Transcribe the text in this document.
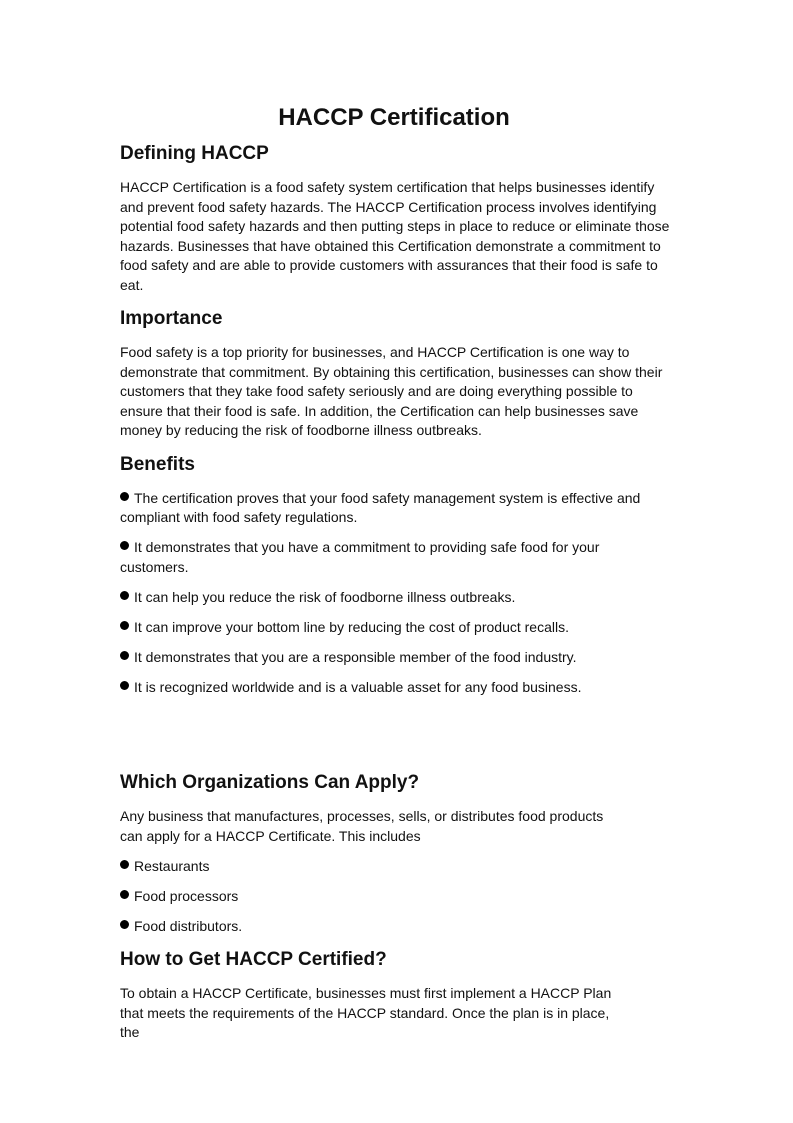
HACCP Certification
Defining HACCP

HACCP Certification is a food safety system certification that helps businesses identify and prevent food safety hazards. The HACCP Certification process involves identifying potential food safety hazards and then putting steps in place to reduce or eliminate those hazards. Businesses that have obtained this Certification demonstrate a commitment to food safety and are able to provide customers with assurances that their food is safe to eat.

Importance

Food safety is a top priority for businesses, and HACCP Certification is one way to demonstrate that commitment. By obtaining this certification, businesses can show their customers that they take food safety seriously and are doing everything possible to ensure that their food is safe. In addition, the Certification can help businesses save money by reducing the risk of foodborne illness outbreaks.

Benefits

The certification proves that your food safety management system is effective and compliant with food safety regulations.

It demonstrates that you have a commitment to providing safe food for your customers.

It can help you reduce the risk of foodborne illness outbreaks.

It can improve your bottom line by reducing the cost of product recalls.

It demonstrates that you are a responsible member of the food industry.

It is recognized worldwide and is a valuable asset for any food business.

Which Organizations Can Apply?

Any business that manufactures, processes, sells, or distributes food products
can apply for a HACCP Certificate. This includes

Restaurants

Food processors

Food distributors.

How to Get HACCP Certified?

To obtain a HACCP Certificate, businesses must first implement a HACCP Plan
that meets the requirements of the HACCP standard. Once the plan is in place,
the
